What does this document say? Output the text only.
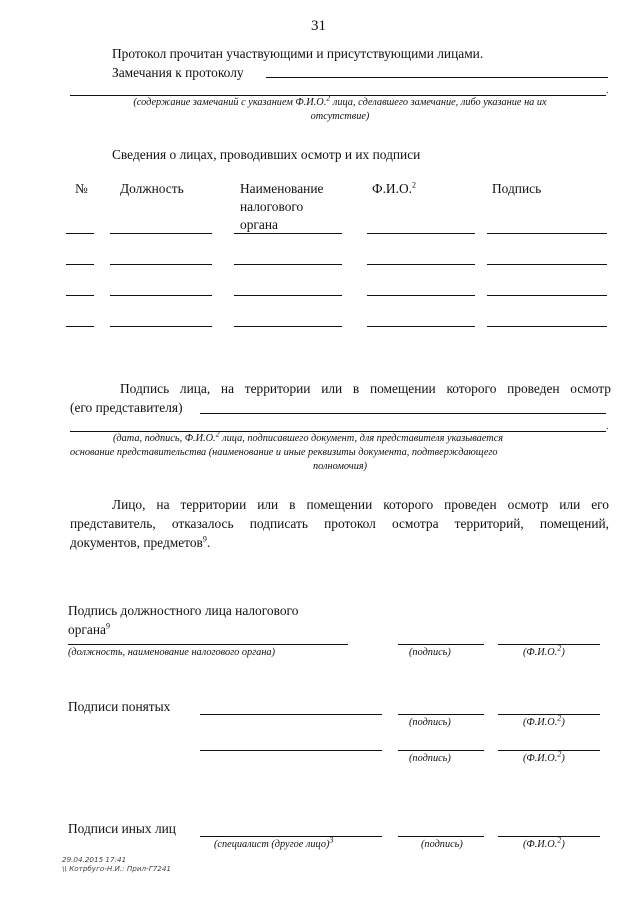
31
Протокол прочитан участвующими и присутствующими лицами.
Замечания к протоколу
.
(содержание замечаний с указанием Ф.И.О.$^2$ лица, сделавшего замечание, либо указание на их
отсутствие)
Сведения о лицах, проводивших осмотр и их подписи
№ Должность	Наименование
налогового
органа
Ф.И.О.$^2$	Подпись
Подпись лица, на территории или в помещении которого проведен осмотр
(его представителя)
.
(дата, подпись, Ф.И.О.$^2$ лица, подписавшего документ, для представителя указывается
основание представительства (наименование и иные реквизиты документа, подтверждающего
полномочия)
Лицо, на территории или в помещении которого проведен осмотр или его
представитель, отказалось подписать протокол осмотра территорий, помещений,
документов, предметов$^9$.
Подпись должностного лица налогового
органа$^9$
(должность, наименование налогового органа)	(подпись)	(Ф.И.О.$^2$)
Подписи понятых
(подпись)	(Ф.И.О.$^2$)
(подпись)	(Ф.И.О.$^2$)
Подписи иных лиц
(специалист (другое лицо)$^3$	(подпись)	(Ф.И.О.$^2$)
29.04.2015 17:41
\\ Котрбуго-Н.И.: Прил-Г7241
